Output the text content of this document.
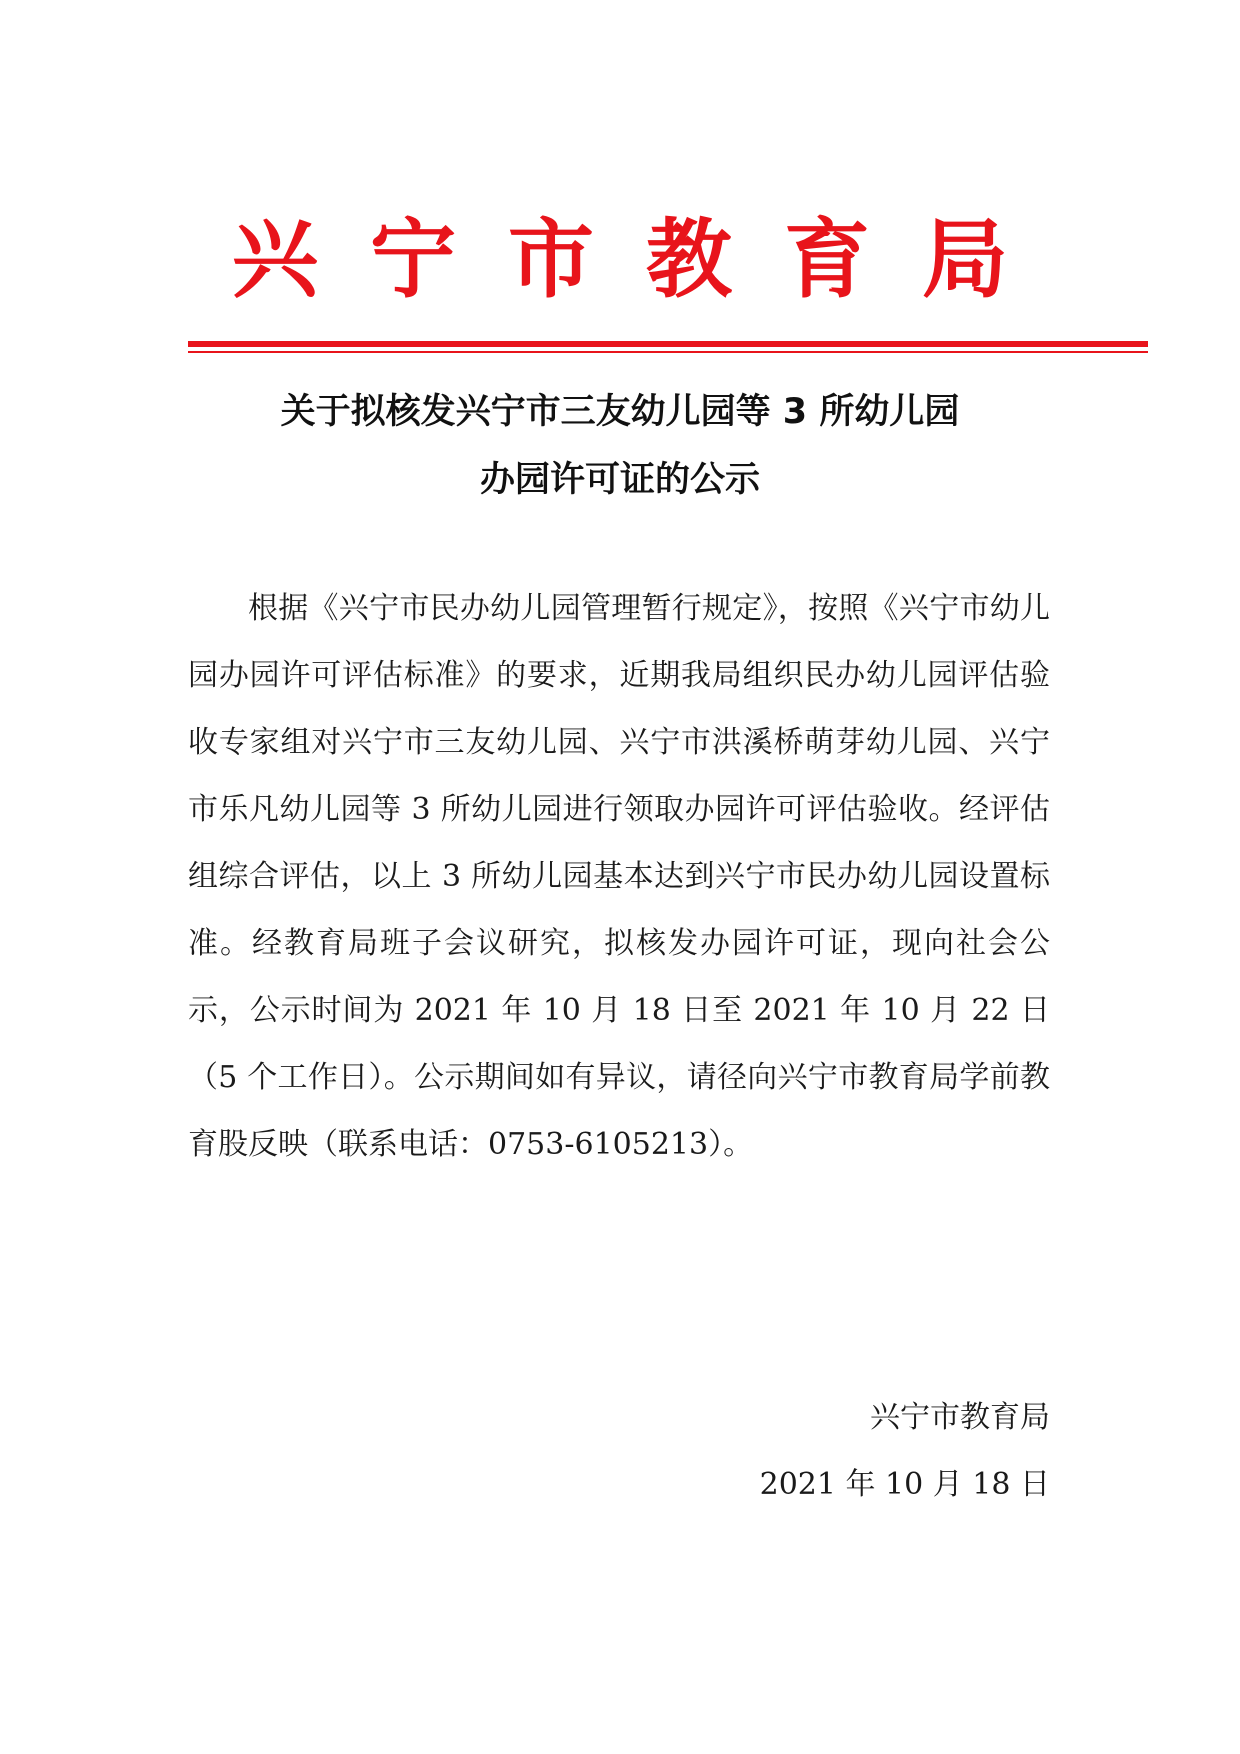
兴宁市教育局
关于拟核发兴宁市三友幼儿园等 3 所幼儿园
办园许可证的公示

根据《兴宁市民办幼儿园管理暂行规定》，按照《兴宁市幼儿园办园许可评估标准》的要求，近期我局组织民办幼儿园评估验收专家组对兴宁市三友幼儿园、兴宁市洪溪桥萌芽幼儿园、兴宁市乐凡幼儿园等 3 所幼儿园进行领取办园许可评估验收。经评估组综合评估，以上 3 所幼儿园基本达到兴宁市民办幼儿园设置标准。经教育局班子会议研究，拟核发办园许可证，现向社会公示，公示时间为 2021 年 10 月 18 日至 2021 年 10 月 22 日（5 个工作日）。公示期间如有异议，请径向兴宁市教育局学前教育股反映（联系电话：0753-6105213）。

兴宁市教育局
2021 年 10 月 18 日
